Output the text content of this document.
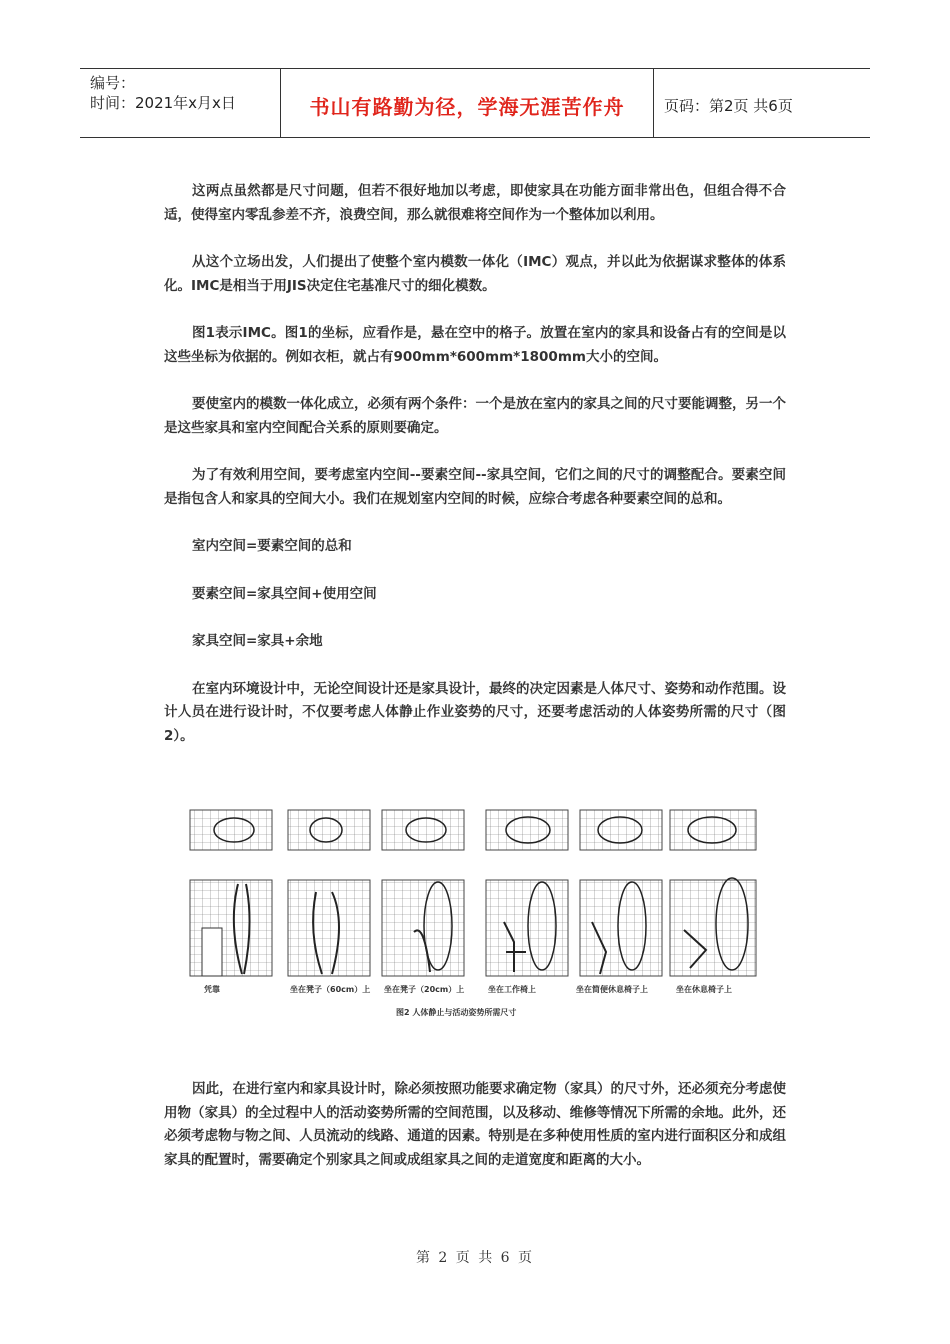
编号：
时间：2021年x月x日	书山有路勤为径，学海无涯苦作舟	页码：第2页 共6页

这两点虽然都是尺寸问题，但若不很好地加以考虑，即使家具在功能方面非常出色，但组合得不合适，使得室内零乱参差不齐，浪费空间，那么就很难将空间作为一个整体加以利用。

从这个立场出发，人们提出了使整个室内模数一体化（IMC）观点，并以此为依据谋求整体的体系化。IMC是相当于用JIS决定住宅基准尺寸的细化模数。

图1表示IMC。图1的坐标，应看作是，悬在空中的格子。放置在室内的家具和设备占有的空间是以这些坐标为依据的。例如衣柜，就占有900mm*600mm*1800mm大小的空间。

要使室内的模数一体化成立，必须有两个条件：一个是放在室内的家具之间的尺寸要能调整，另一个是这些家具和室内空间配合关系的原则要确定。

为了有效利用空间，要考虑室内空间--要素空间--家具空间，它们之间的尺寸的调整配合。要素空间是指包含人和家具的空间大小。我们在规划室内空间的时候，应综合考虑各种要素空间的总和。

室内空间=要素空间的总和

要素空间=家具空间+使用空间

家具空间=家具+余地

在室内环境设计中，无论空间设计还是家具设计，最终的决定因素是人体尺寸、姿势和动作范围。设计人员在进行设计时，不仅要考虑人体静止作业姿势的尺寸，还要考虑活动的人体姿势所需的尺寸（图2）。

凭靠	坐在凳子（60cm）上 坐在凳子（20cm）上	坐在工作椅上	坐在简便休息椅子上	坐在休息椅子上
图2 人体静止与活动姿势所需尺寸

因此，在进行室内和家具设计时，除必须按照功能要求确定物（家具）的尺寸外，还必须充分考虑使用物（家具）的全过程中人的活动姿势所需的空间范围，以及移动、维修等情况下所需的余地。此外，还必须考虑物与物之间、人员流动的线路、通道的因素。特别是在多种使用性质的室内进行面积区分和成组家具的配置时，需要确定个别家具之间或成组家具之间的走道宽度和距离的大小。

第 2 页 共 6 页
